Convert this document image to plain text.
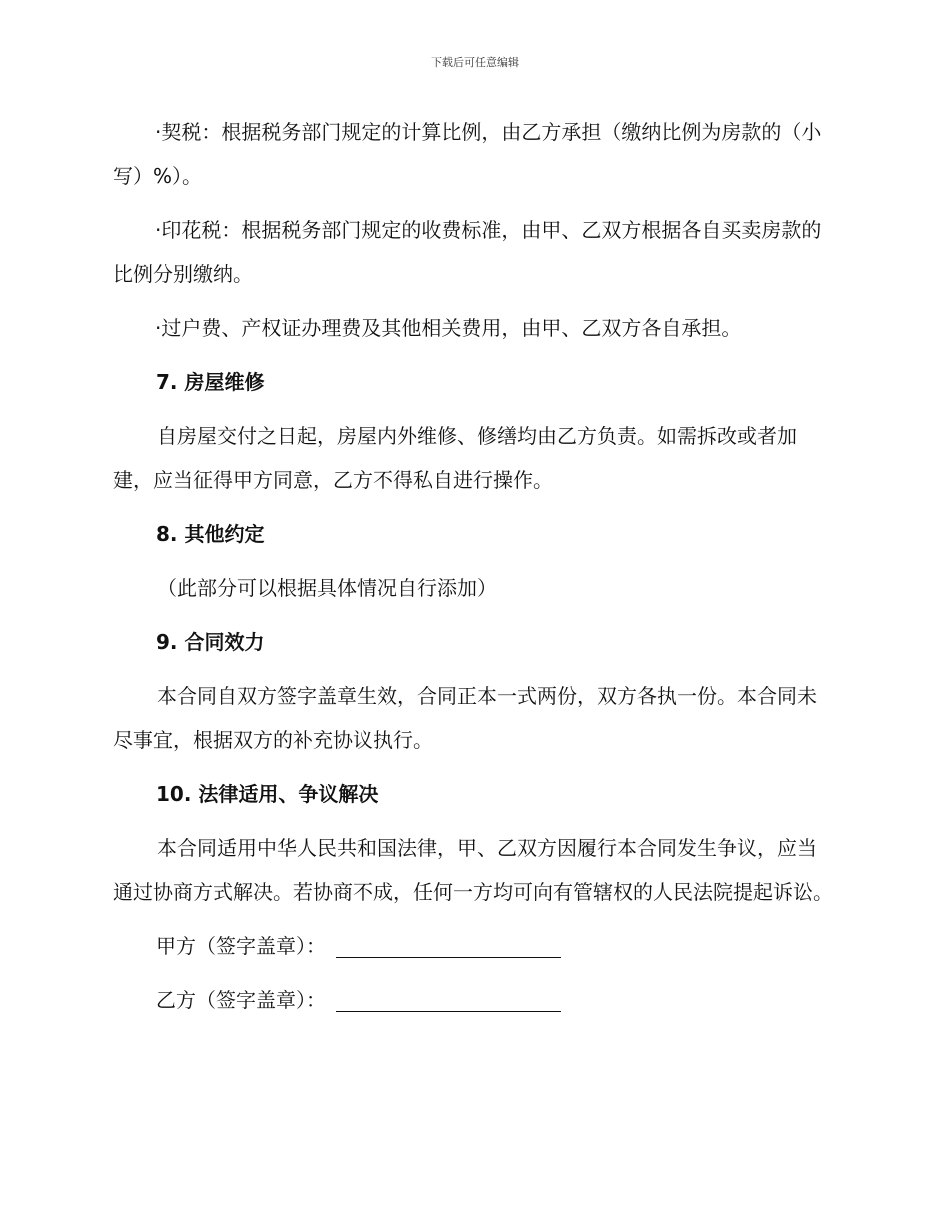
下载后可任意编辑

·契税：根据税务部门规定的计算比例，由乙方承担（缴纳比例为房款的（小写）%）。

·印花税：根据税务部门规定的收费标准，由甲、乙双方根据各自买卖房款的比例分别缴纳。

·过户费、产权证办理费及其他相关费用，由甲、乙双方各自承担。

7. 房屋维修

自房屋交付之日起，房屋内外维修、修缮均由乙方负责。如需拆改或者加建，应当征得甲方同意，乙方不得私自进行操作。

8. 其他约定

（此部分可以根据具体情况自行添加）

9. 合同效力

本合同自双方签字盖章生效，合同正本一式两份，双方各执一份。本合同未尽事宜，根据双方的补充协议执行。

10. 法律适用、争议解决

本合同适用中华人民共和国法律，甲、乙双方因履行本合同发生争议，应当通过协商方式解决。若协商不成，任何一方均可向有管辖权的人民法院提起诉讼。

甲方（签字盖章）：
乙方（签字盖章）：
